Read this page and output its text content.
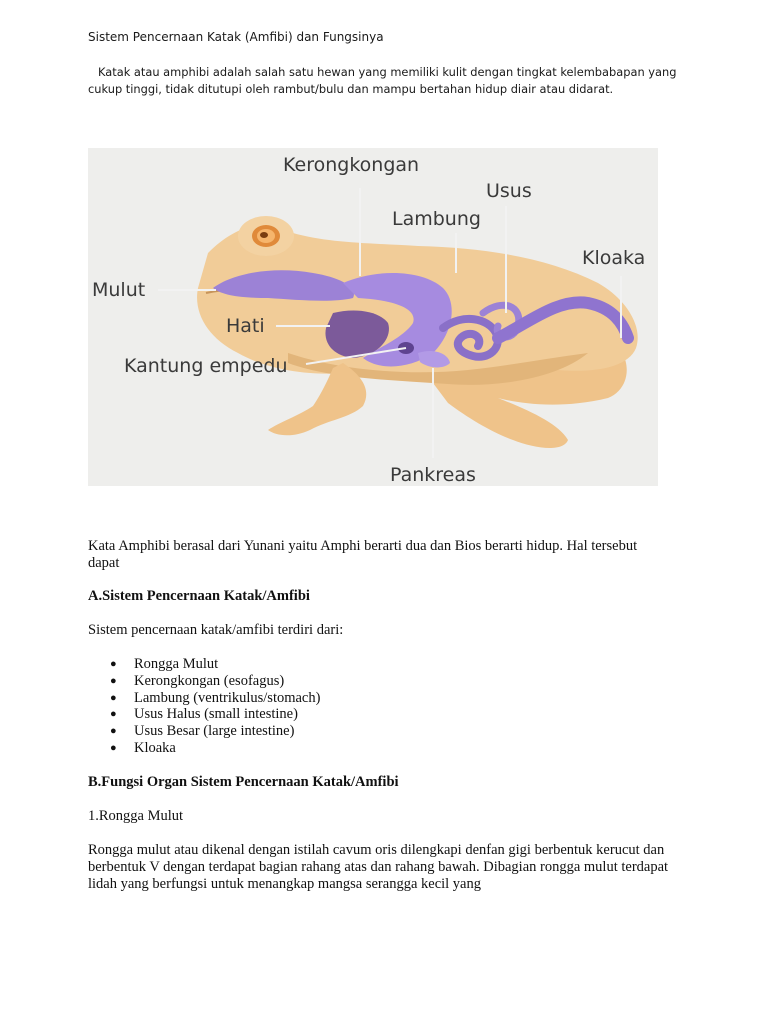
Sistem Pencernaan Katak (Amfibi) dan Fungsinya

Katak atau amphibi adalah salah satu hewan yang memiliki kulit dengan tingkat kelembabapan yang cukup tinggi, tidak ditutupi oleh rambut/bulu dan mampu bertahan hidup diair atau didarat.

Kerongkongan
Usus
Lambung
Kloaka
Mulut
Hati
Kantung empedu
Pankreas

Kata Amphibi berasal dari Yunani yaitu Amphi berarti dua dan Bios berarti hidup. Hal tersebut dapat

A.Sistem Pencernaan Katak/Amfibi

Sistem pencernaan katak/amfibi terdiri dari:

● Rongga Mulut
● Kerongkongan (esofagus)
● Lambung (ventrikulus/stomach)
● Usus Halus (small intestine)
● Usus Besar (large intestine)
● Kloaka
B.Fungsi Organ Sistem Pencernaan Katak/Amfibi

1.Rongga Mulut

Rongga mulut atau dikenal dengan istilah cavum oris dilengkapi denfan gigi berbentuk kerucut dan berbentuk V dengan terdapat bagian rahang atas dan rahang bawah. Dibagian rongga mulut terdapat lidah yang berfungsi untuk menangkap mangsa serangga kecil yang
